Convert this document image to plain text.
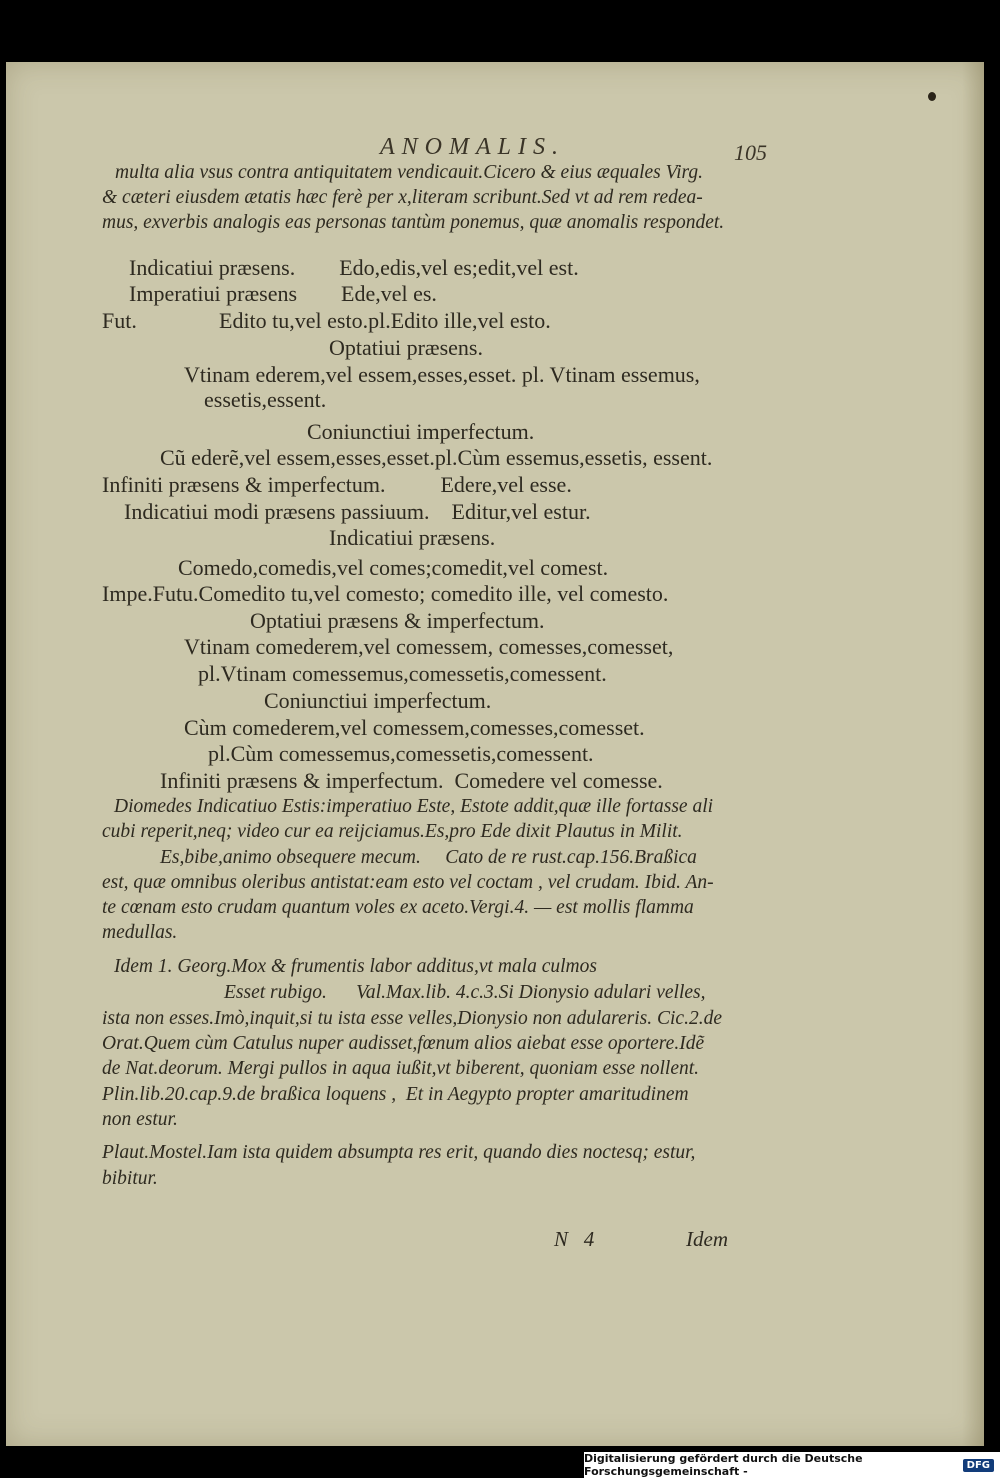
ANOMALIS.	105
multa alia vsus contra antiquitatem vendicauit.Cicero & eius æquales Virg.
& cæteri eiusdem ætatis hæc ferè per x,literam scribunt.Sed vt ad rem redea-
mus, exverbis analogis eas personas tantùm ponemus, quæ anomalis respondet.
Indicatiui præsens.        Edo,edis,vel es;edit,vel est.
Imperatiui præsens        Ede,vel es.
Fut.	Edito tu,vel esto.pl.Edito ille,vel esto.
Optatiui præsens.
Vtinam ederem,vel essem,esses,esset. pl. Vtinam essemus,
essetis,essent.
Coniunctiui imperfectum.
Cũ ederẽ,vel essem,esses,esset.pl.Cùm essemus,essetis, essent.
Infiniti præsens & imperfectum.          Edere,vel esse.
Indicatiui modi præsens passiuum.    Editur,vel estur.
Indicatiui præsens.
Comedo,comedis,vel comes;comedit,vel comest.
Impe.Futu.Comedito tu,vel comesto; comedito ille, vel comesto.
Optatiui præsens & imperfectum.
Vtinam comederem,vel comessem, comesses,comesset,
pl.Vtinam comessemus,comessetis,comessent.
Coniunctiui imperfectum.
Cùm comederem,vel comessem,comesses,comesset.
pl.Cùm comessemus,comessetis,comessent.
Infiniti præsens & imperfectum.  Comedere vel comesse.
Diomedes Indicatiuo Estis:imperatiuo Este, Estote addit,quæ ille fortasse ali
cubi reperit,neq; video cur ea reijciamus.Es,pro Ede dixit Plautus in Milit.
Es,bibe,animo obsequere mecum.     Cato de re rust.cap.156.Braßica
est, quæ omnibus oleribus antistat:eam esto vel coctam , vel crudam. Ibid. An-
te cœnam esto crudam quantum voles ex aceto.Vergi.4. — est mollis flamma
medullas.
Idem 1. Georg.Mox & frumentis labor additus,vt mala culmos
Esset rubigo.      Val.Max.lib. 4.c.3.Si Dionysio adulari velles,
ista non esses.Imò,inquit,si tu ista esse velles,Dionysio non adulareris. Cic.2.de
Orat.Quem cùm Catulus nuper audisset,fœnum alios aiebat esse oportere.Idẽ
de Nat.deorum. Mergi pullos in aqua iußit,vt biberent, quoniam esse nollent.
Plin.lib.20.cap.9.de braßica loquens ,  Et in Aegypto propter amaritudinem
non estur.
Plaut.Mostel.Iam ista quidem absumpta res erit, quando dies noctesq; estur,
bibitur.
N   4	Idem
Digitalisierung gefördert durch die Deutsche Forschungsgemeinschaft -	DFG
